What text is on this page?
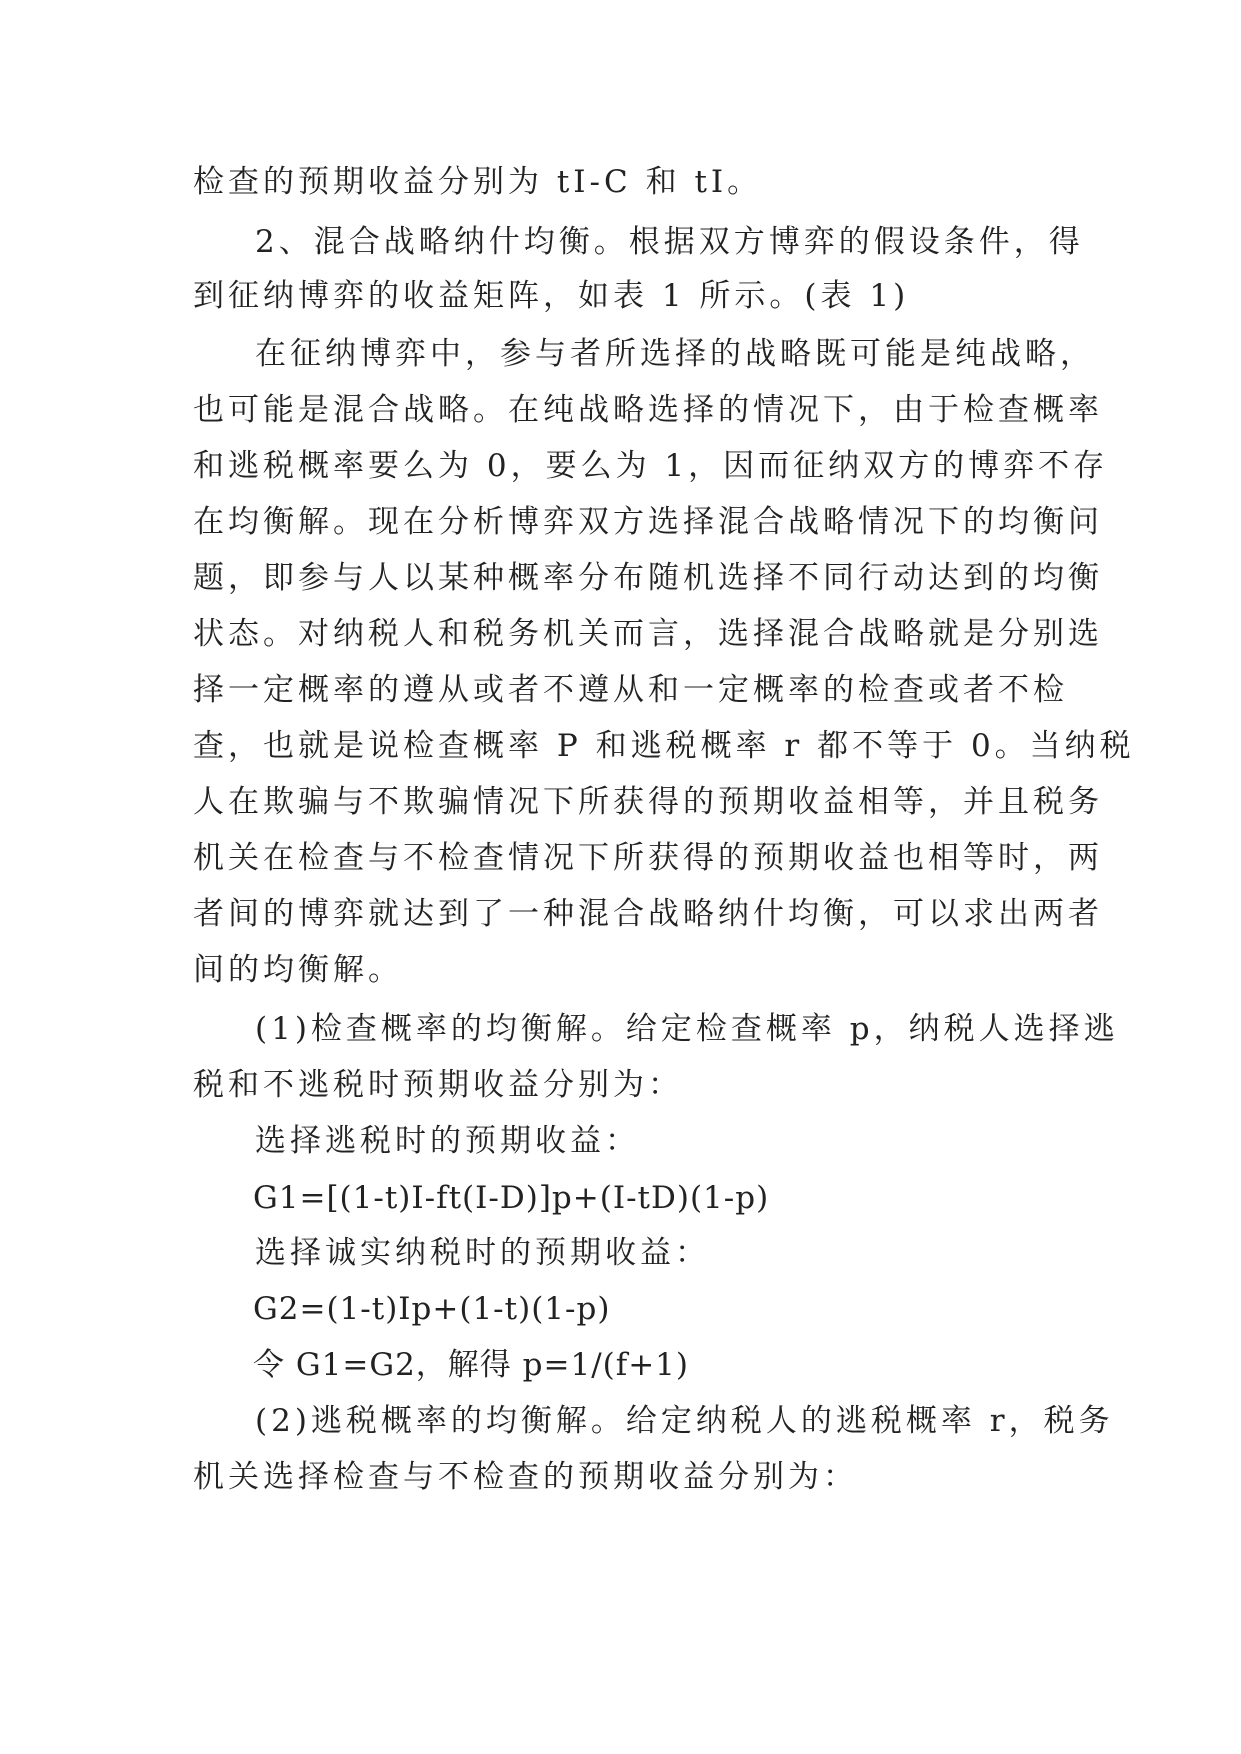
检查的预期收益分别为 tI-C 和 tI。
2、混合战略纳什均衡。根据双方博弈的假设条件，得
到征纳博弈的收益矩阵，如表 1 所示。(表 1)
在征纳博弈中，参与者所选择的战略既可能是纯战略，
也可能是混合战略。在纯战略选择的情况下，由于检查概率
和逃税概率要么为 0，要么为 1，因而征纳双方的博弈不存
在均衡解。现在分析博弈双方选择混合战略情况下的均衡问
题，即参与人以某种概率分布随机选择不同行动达到的均衡
状态。对纳税人和税务机关而言，选择混合战略就是分别选
择一定概率的遵从或者不遵从和一定概率的检查或者不检
查，也就是说检查概率 P 和逃税概率 r 都不等于 0。当纳税
人在欺骗与不欺骗情况下所获得的预期收益相等，并且税务
机关在检查与不检查情况下所获得的预期收益也相等时，两
者间的博弈就达到了一种混合战略纳什均衡，可以求出两者
间的均衡解。
(1)检查概率的均衡解。给定检查概率 p，纳税人选择逃
税和不逃税时预期收益分别为：
选择逃税时的预期收益：
G1=[(1-t)I-ft(I-D)]p+(I-tD)(1-p)
选择诚实纳税时的预期收益：
G2=(1-t)Ip+(1-t)(1-p)
令 G1=G2，解得 p=1/(f+1)
(2)逃税概率的均衡解。给定纳税人的逃税概率 r，税务
机关选择检查与不检查的预期收益分别为：
